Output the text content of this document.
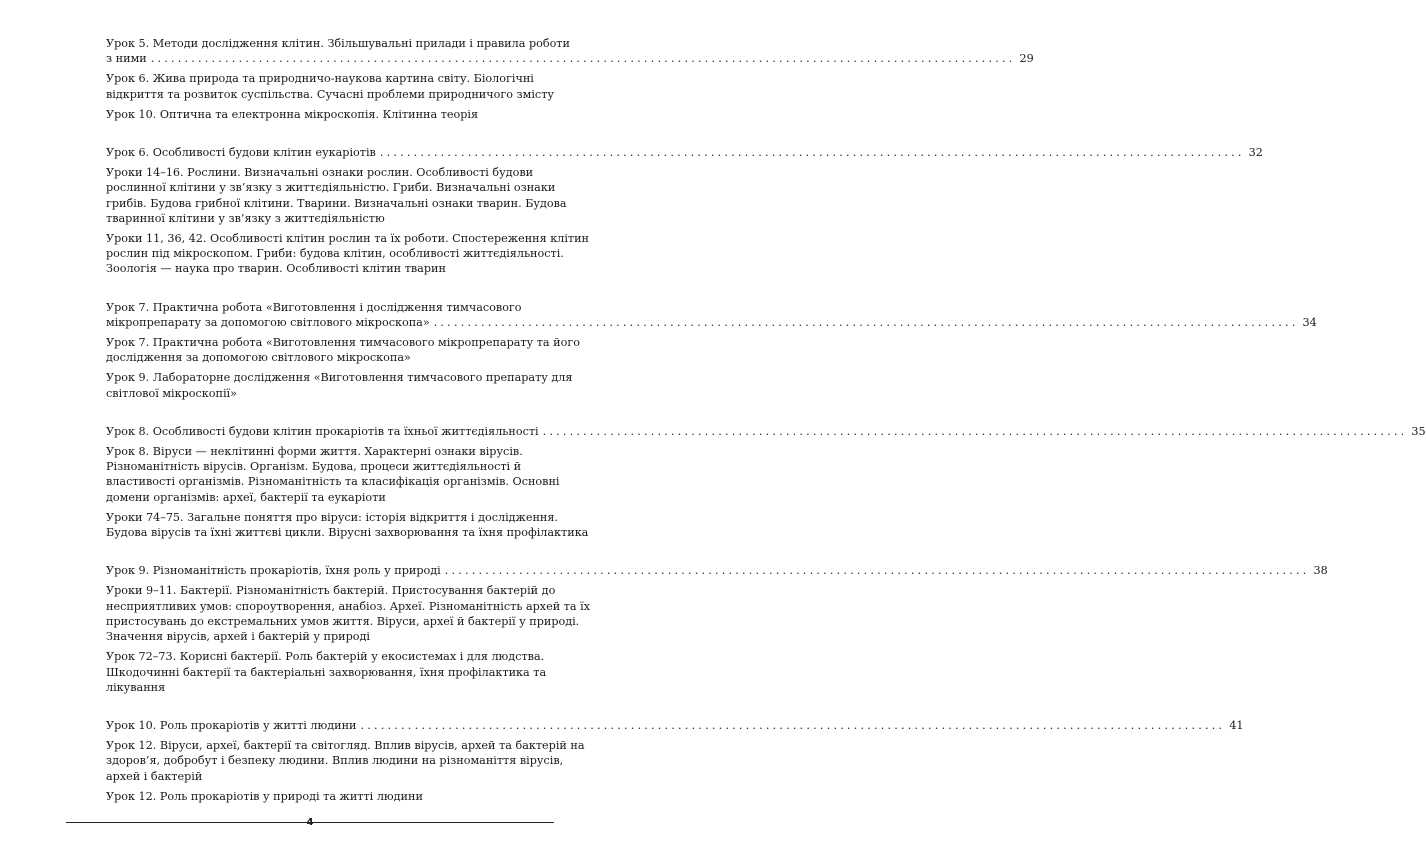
Урок 5. Методи дослідження клітин. Збільшувальні прилади і правила роботи
з ними ................................................................................................................................ 29
Урок 6. Жива природа та природничо-наукова картина світу. Біологічні відкриття та розвиток суспільства. Сучасні проблеми природничого змісту
Урок 10. Оптична та електронна мікроскопія. Клітинна теорія
Урок 6. Особливості будови клітин еукаріотів ................................................................................................................................ 32
Уроки 14–16. Рослини. Визначальні ознаки рослин. Особливості будови рослинної клітини у зв’язку з життєдіяльністю. Гриби. Визначальні ознаки грибів. Будова грибної клітини. Тварини. Визначальні ознаки тварин. Будова тваринної клітини у зв’язку з життєдіяльністю
Уроки 11, 36, 42. Особливості клітин рослин та їх роботи. Спостереження клітин рослин під мікроскопом. Гриби: будова клітин, особливості життєдіяльності. Зоологія — наука про тварин. Особливості клітин тварин
Урок 7. Практична робота «Виготовлення і дослідження тимчасового
мікропрепарату за допомогою світлового мікроскопа» ................................................................................................................................ 34
Урок 7. Практична робота «Виготовлення тимчасового мікропрепарату та його дослідження за допомогою світлового мікроскопа»
Урок 9. Лабораторне дослідження «Виготовлення тимчасового препарату для світлової мікроскопії»
Урок 8. Особливості будови клітин прокаріотів та їхньої життєдіяльності ................................................................................................................................ 35
Урок 8. Віруси — неклітинні форми життя. Характерні ознаки вірусів. Різноманітність вірусів. Організм. Будова, процеси життєдіяльності й властивості організмів. Різноманітність та класифікація організмів. Основні домени організмів: археї, бактерії та еукаріоти
Уроки 74–75. Загальне поняття про віруси: історія відкриття і дослідження. Будова вірусів та їхні життєві цикли. Вірусні захворювання та їхня профілактика
Урок 9. Різноманітність прокаріотів, їхня роль у природі ................................................................................................................................ 38
Уроки 9–11. Бактерії. Різноманітність бактерій. Пристосування бактерій до несприятливих умов: спороутворення, анабіоз. Археї. Різноманітність архей та їх пристосувань до екстремальних умов життя. Віруси, археї й бактерії у природі. Значення вірусів, архей і бактерій у природі
Урок 72–73. Корисні бактерії. Роль бактерій у екосистемах і для людства. Шкодочинні бактерії та бактеріальні захворювання, їхня профілактика та лікування
Урок 10. Роль прокаріотів у житті людини ................................................................................................................................ 41
Урок 12. Віруси, археї, бактерії та світогляд. Вплив вірусів, архей та бактерій на здоров’я, добробут і безпеку людини. Вплив людини на різноманіття вірусів, архей і бактерій
Урок 12. Роль прокаріотів у природі та житті людини
4
